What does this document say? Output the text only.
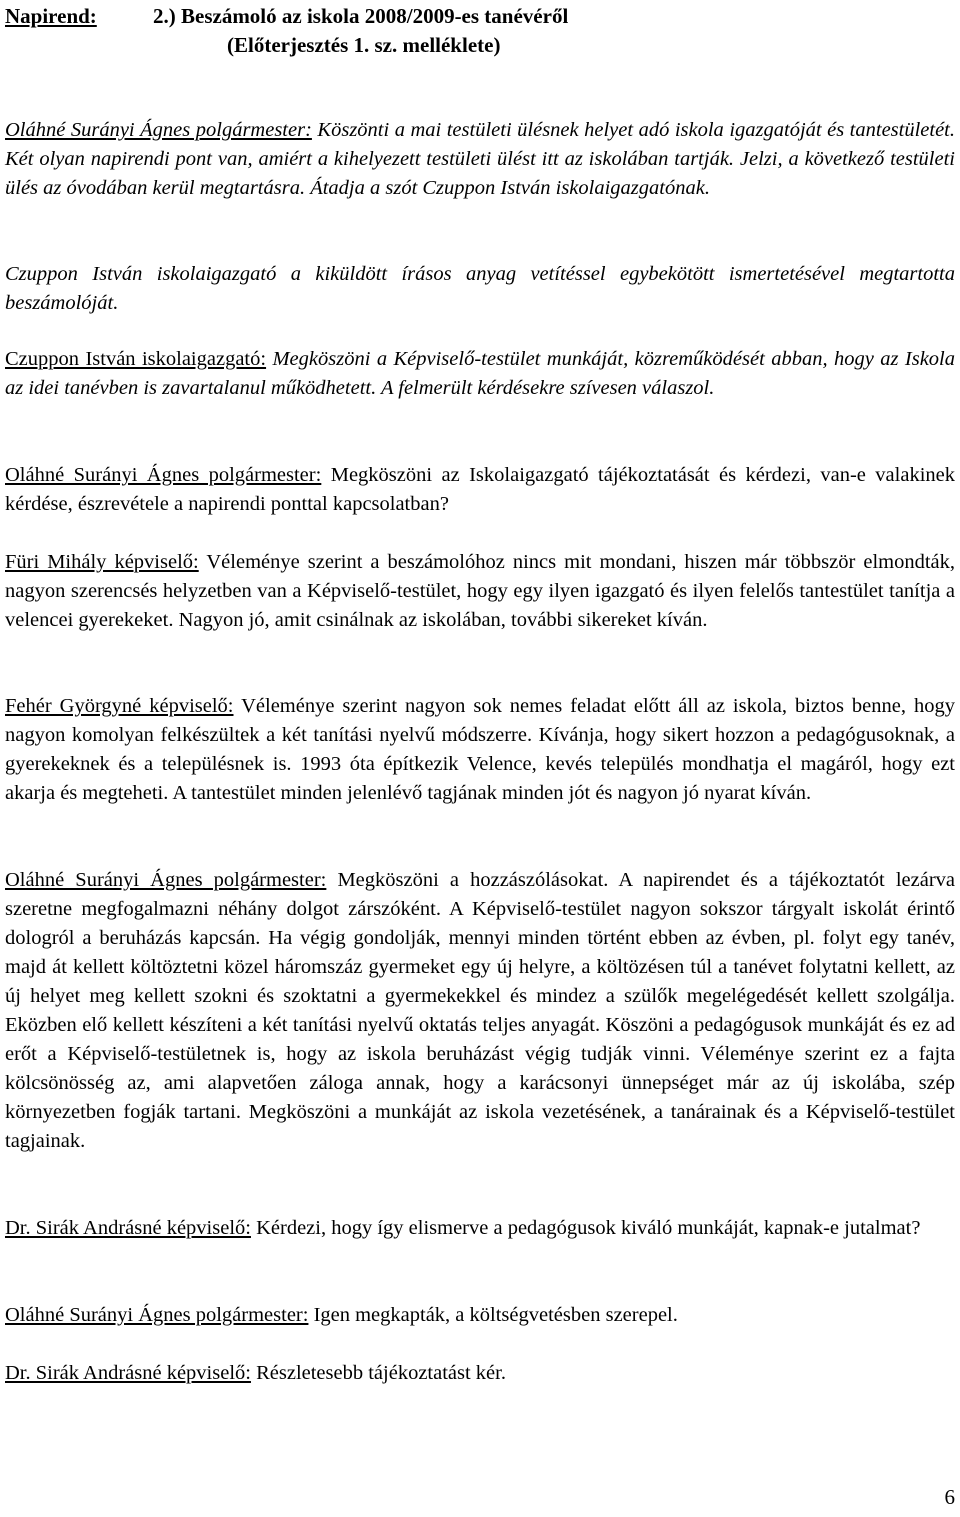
Napirend:	2.) Beszámoló az iskola 2008/2009-es tanévéről
(Előterjesztés 1. sz. melléklete)

Oláhné Surányi Ágnes polgármester: Köszönti a mai testületi ülésnek helyet adó iskola igazgatóját és tantestületét. Két olyan napirendi pont van, amiért a kihelyezett testületi ülést itt az iskolában tartják. Jelzi, a következő testületi ülés az óvodában kerül megtartásra. Átadja a szót Czuppon István iskolaigazgatónak.

Czuppon István iskolaigazgató a kiküldött írásos anyag vetítéssel egybekötött ismertetésével megtartotta beszámolóját.

Czuppon István iskolaigazgató: Megköszöni a Képviselő-testület munkáját, közreműködését abban, hogy az Iskola az idei tanévben is zavartalanul működhetett. A felmerült kérdésekre szívesen válaszol.

Oláhné Surányi Ágnes polgármester: Megköszöni az Iskolaigazgató tájékoztatását és kérdezi, van-e valakinek kérdése, észrevétele a napirendi ponttal kapcsolatban?

Füri Mihály képviselő: Véleménye szerint a beszámolóhoz nincs mit mondani, hiszen már többször elmondták, nagyon szerencsés helyzetben van a Képviselő-testület, hogy egy ilyen igazgató és ilyen felelős tantestület tanítja a velencei gyerekeket. Nagyon jó, amit csinálnak az iskolában, további sikereket kíván.

Fehér Györgyné képviselő: Véleménye szerint nagyon sok nemes feladat előtt áll az iskola, biztos benne, hogy nagyon komolyan felkészültek a két tanítási nyelvű módszerre. Kívánja, hogy sikert hozzon a pedagógusoknak, a gyerekeknek és a településnek is. 1993 óta építkezik Velence, kevés település mondhatja el magáról, hogy ezt akarja és megteheti. A tantestület minden jelenlévő tagjának minden jót és nagyon jó nyarat kíván.

Oláhné Surányi Ágnes polgármester: Megköszöni a hozzászólásokat. A napirendet és a tájékoztatót lezárva szeretne megfogalmazni néhány dolgot zárszóként. A Képviselő-testület nagyon sokszor tárgyalt iskolát érintő dologról a beruházás kapcsán. Ha végig gondolják, mennyi minden történt ebben az évben, pl. folyt egy tanév, majd át kellett költöztetni közel háromszáz gyermeket egy új helyre, a költözésen túl a tanévet folytatni kellett, az új helyet meg kellett szokni és szoktatni a gyermekekkel és mindez a szülők megelégedését kellett szolgálja. Eközben elő kellett készíteni a két tanítási nyelvű oktatás teljes anyagát. Köszöni a pedagógusok munkáját és ez ad erőt a Képviselő-testületnek is, hogy az iskola beruházást végig tudják vinni. Véleménye szerint ez a fajta kölcsönösség az, ami alapvetően záloga annak, hogy a karácsonyi ünnepséget már az új iskolába, szép környezetben fogják tartani. Megköszöni a munkáját az iskola vezetésének, a tanárainak és a Képviselő-testület tagjainak.

Dr. Sirák Andrásné képviselő: Kérdezi, hogy így elismerve a pedagógusok kiváló munkáját, kapnak-e jutalmat?

Oláhné Surányi Ágnes polgármester: Igen megkapták, a költségvetésben szerepel.

Dr. Sirák Andrásné képviselő: Részletesebb tájékoztatást kér.

6
